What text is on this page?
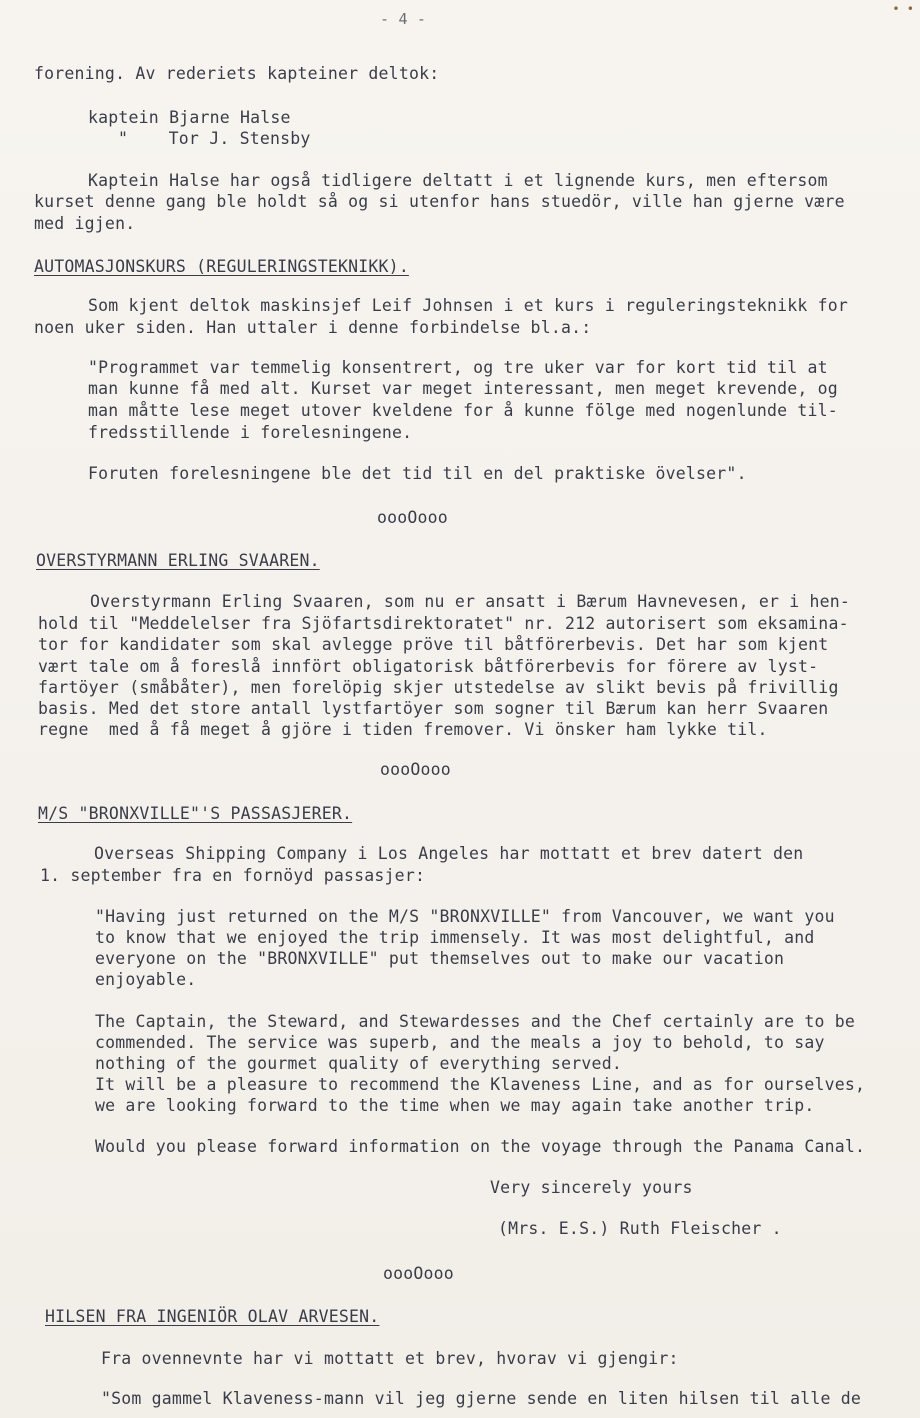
• •
- 4 -
forening. Av rederiets kapteiner deltok:
kaptein Bjarne Halse
"    Tor J. Stensby
Kaptein Halse har også tidligere deltatt i et lignende kurs, men eftersom
kurset denne gang ble holdt så og si utenfor hans stuedör, ville han gjerne være
med igjen.
AUTOMASJONSKURS (REGULERINGSTEKNIKK).
Som kjent deltok maskinsjef Leif Johnsen i et kurs i reguleringsteknikk for
noen uker siden. Han uttaler i denne forbindelse bl.a.:
"Programmet var temmelig konsentrert, og tre uker var for kort tid til at
man kunne få med alt. Kurset var meget interessant, men meget krevende, og
man måtte lese meget utover kveldene for å kunne fölge med nogenlunde til-
fredsstillende i forelesningene.
Foruten forelesningene ble det tid til en del praktiske övelser".
oooOooo
OVERSTYRMANN ERLING SVAAREN.
Overstyrmann Erling Svaaren, som nu er ansatt i Bærum Havnevesen, er i hen-
hold til "Meddelelser fra Sjöfartsdirektoratet" nr. 212 autorisert som eksamina-
tor for kandidater som skal avlegge pröve til båtförerbevis. Det har som kjent
vært tale om å foreslå innfört obligatorisk båtförerbevis for förere av lyst-
fartöyer (småbåter), men forelöpig skjer utstedelse av slikt bevis på frivillig
basis. Med det store antall lystfartöyer som sogner til Bærum kan herr Svaaren
regne  med å få meget å gjöre i tiden fremover. Vi önsker ham lykke til.
oooOooo
M/S "BRONXVILLE"'S PASSASJERER.
Overseas Shipping Company i Los Angeles har mottatt et brev datert den
1. september fra en fornöyd passasjer:
"Having just returned on the M/S "BRONXVILLE" from Vancouver, we want you
to know that we enjoyed the trip immensely. It was most delightful, and
everyone on the "BRONXVILLE" put themselves out to make our vacation
enjoyable.
The Captain, the Steward, and Stewardesses and the Chef certainly are to be
commended. The service was superb, and the meals a joy to behold, to say
nothing of the gourmet quality of everything served.
It will be a pleasure to recommend the Klaveness Line, and as for ourselves,
we are looking forward to the time when we may again take another trip.
Would you please forward information on the voyage through the Panama Canal.
Very sincerely yours
(Mrs. E.S.) Ruth Fleischer .
oooOooo
HILSEN FRA INGENIÖR OLAV ARVESEN.
Fra ovennevnte har vi mottatt et brev, hvorav vi gjengir:
"Som gammel Klaveness-mann vil jeg gjerne sende en liten hilsen til alle de
